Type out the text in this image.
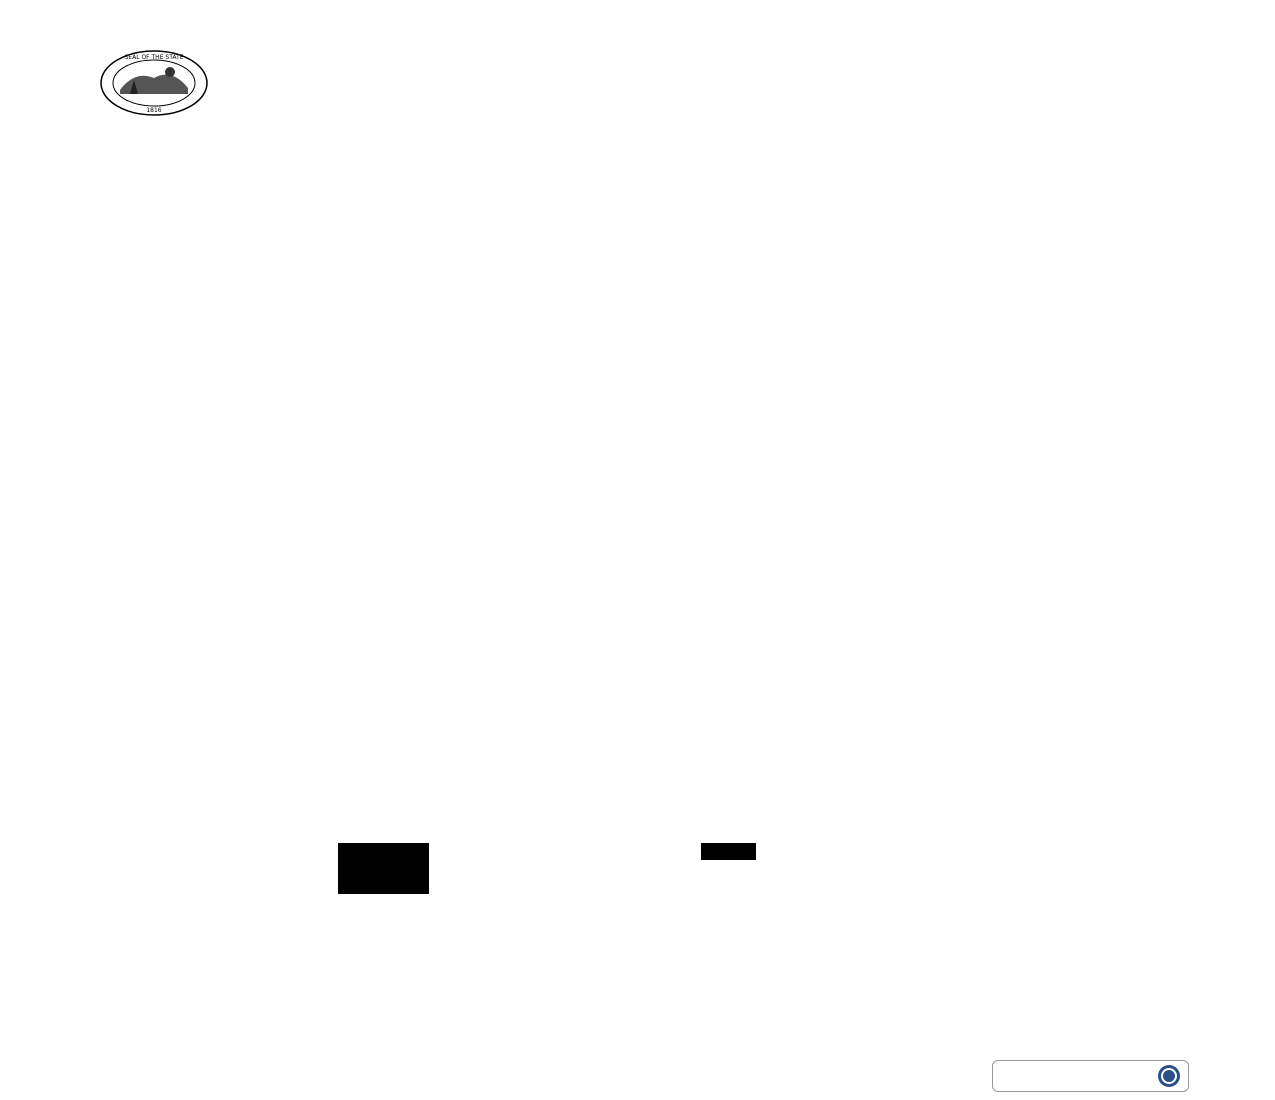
SEAL OF THE STATE
1816
